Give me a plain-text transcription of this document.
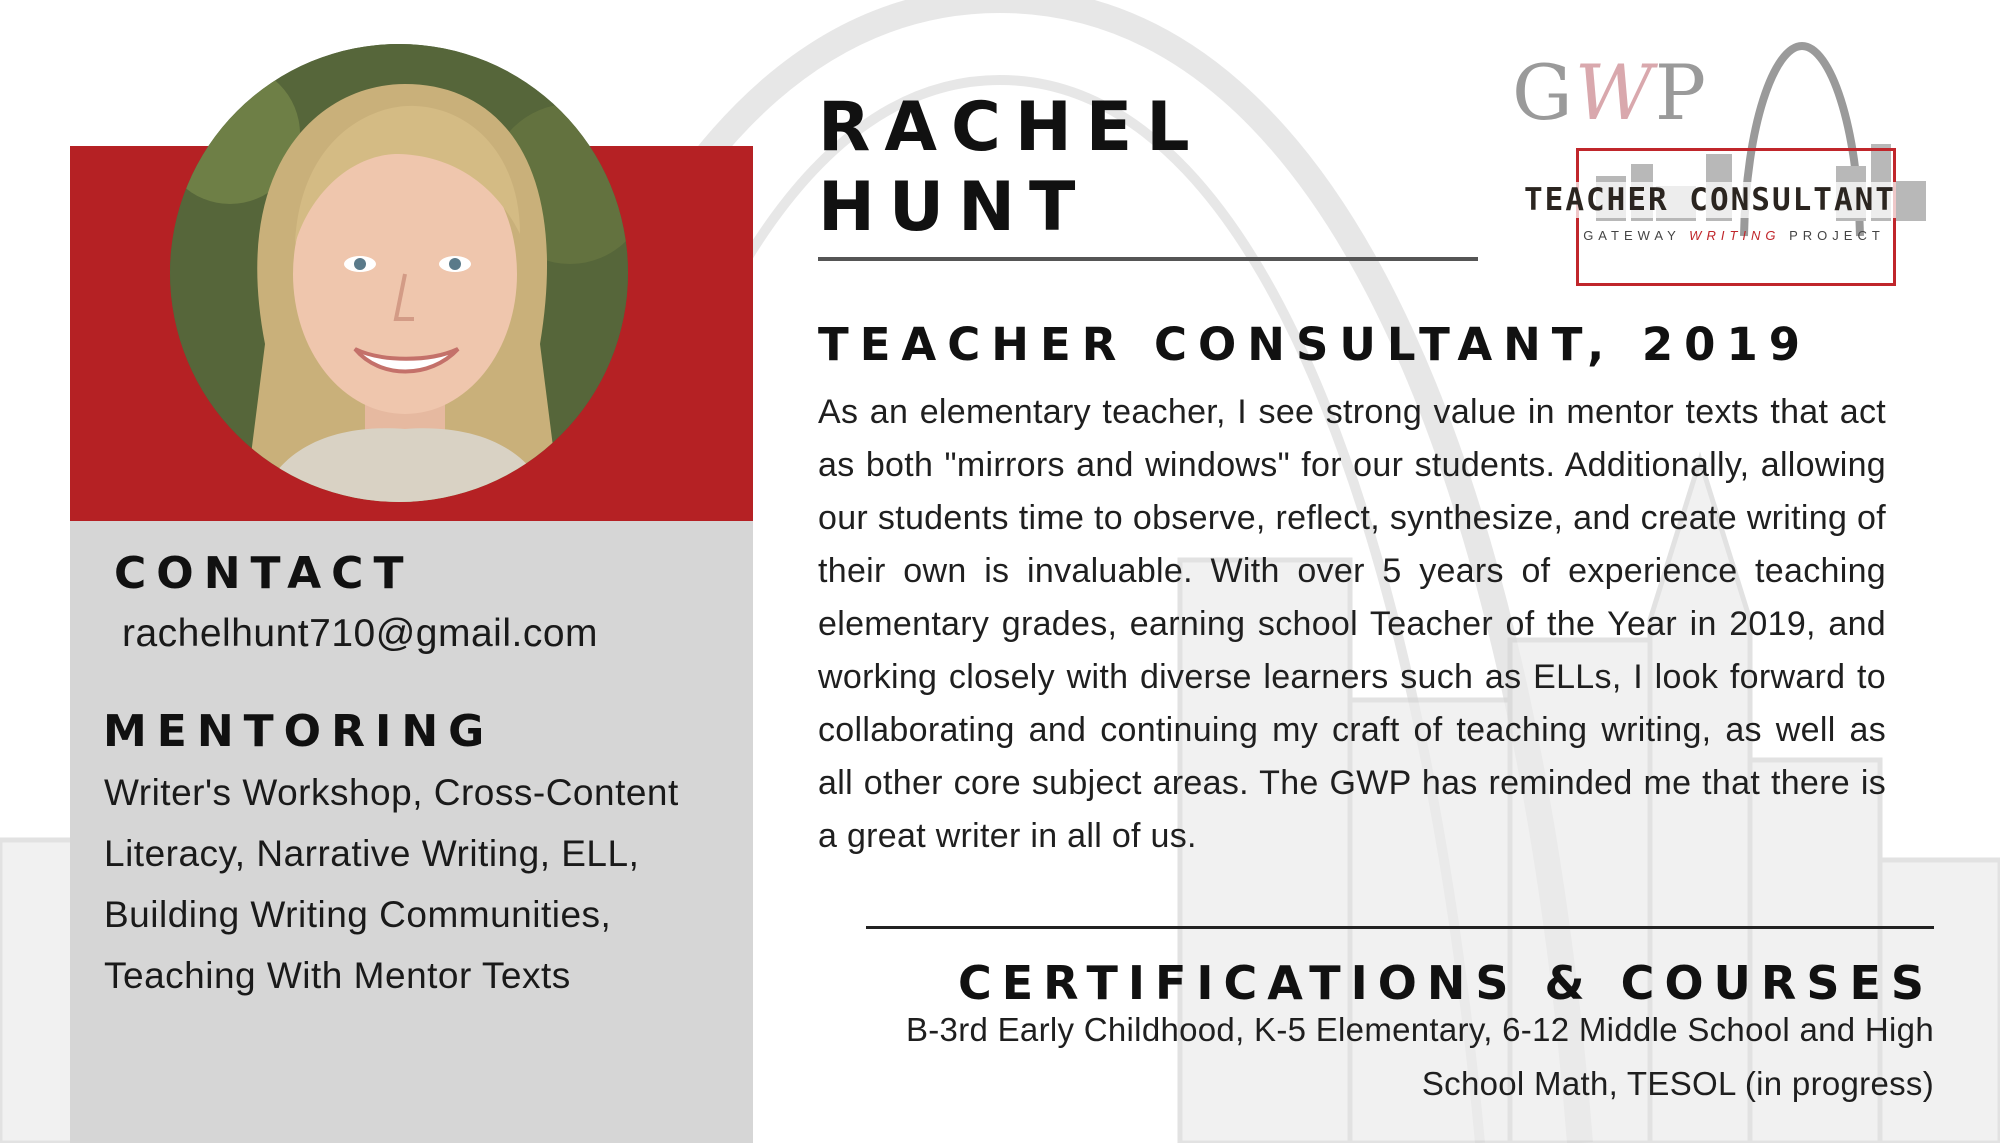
CONTACT
rachelhunt710@gmail.com
MENTORING
Writer's Workshop, Cross-Content Literacy, Narrative Writing, ELL, Building Writing Communities, Teaching With Mentor Texts
RACHEL
HUNT
TEACHER CONSULTANT, 2019
As an elementary teacher, I see strong value in mentor texts that act as both "mirrors and windows" for our students. Additionally, allowing our students time to observe, reflect, synthesize, and create writing of their own is invaluable. With over 5 years of experience teaching elementary grades, earning school Teacher of the Year in 2019, and working closely with diverse learners such as ELLs, I look forward to collaborating and continuing my craft of teaching writing, as well as all other core subject areas. The GWP has reminded me that there is a great writer in all of us.
CERTIFICATIONS & COURSES
B-3rd Early Childhood, K-5 Elementary, 6-12 Middle School and High School Math, TESOL (in progress)
GWP
TEACHER CONSULTANT
GATEWAY WRITING PROJECT
